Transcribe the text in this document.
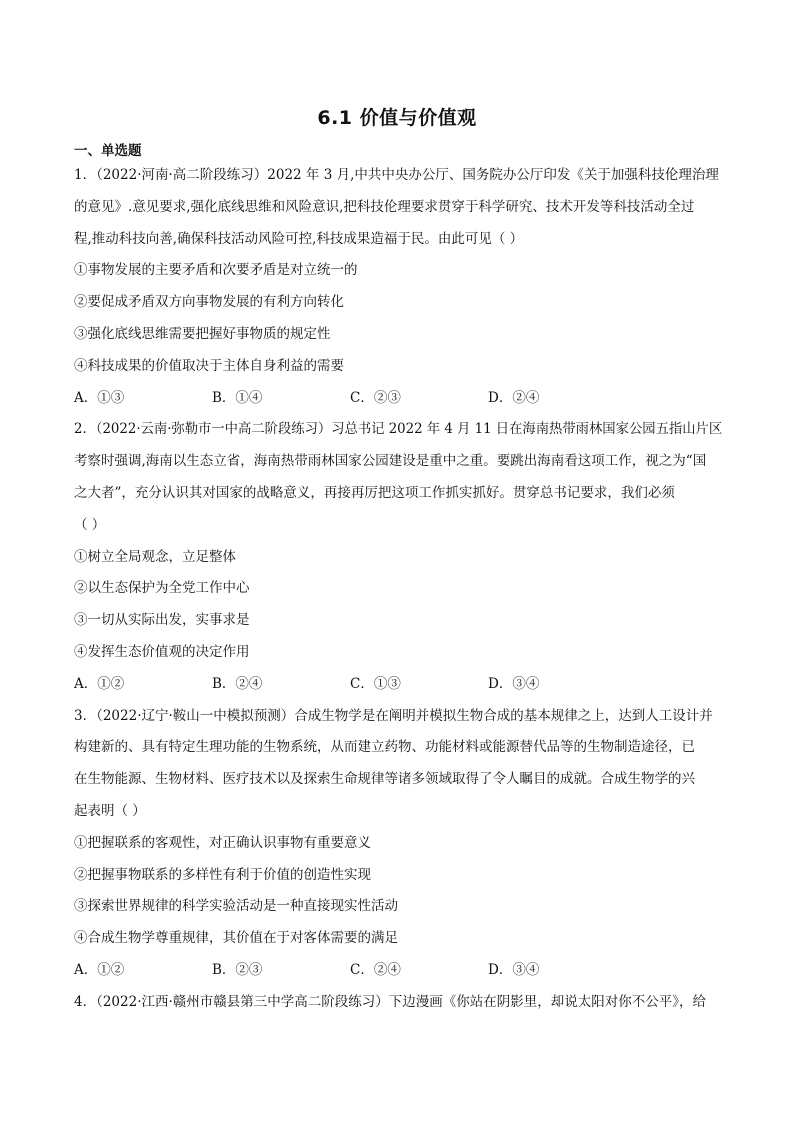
6.1 价值与价值观
一、单选题

1．（2022·河南·高二阶段练习）2022 年 3 月,中共中央办公厅、国务院办公厅印发《关于加强科技伦理治理

的意见》.意见要求,强化底线思维和风险意识,把科技伦理要求贯穿于科学研究、技术开发等科技活动全过

程,推动科技向善,确保科技活动风险可控,科技成果造福于民。由此可见（ ）

①事物发展的主要矛盾和次要矛盾是对立统一的

②要促成矛盾双方向事物发展的有利方向转化

③强化底线思维需要把握好事物质的规定性

④科技成果的价值取决于主体自身利益的需要

A．①③	B．①④	C．②③	D．②④

2．（2022·云南·弥勒市一中高二阶段练习）习总书记 2022 年 4 月 11 日在海南热带雨林国家公园五指山片区

考察时强调,海南以生态立省，海南热带雨林国家公园建设是重中之重。要跳出海南看这项工作，视之为“国

之大者”，充分认识其对国家的战略意义，再接再厉把这项工作抓实抓好。贯穿总书记要求，我们必须

（ ）

①树立全局观念，立足整体

②以生态保护为全党工作中心

③一切从实际出发，实事求是

④发挥生态价值观的决定作用

A．①②	B．②④	C．①③	D．③④

3．（2022·辽宁·鞍山一中模拟预测）合成生物学是在阐明并模拟生物合成的基本规律之上，达到人工设计并

构建新的、具有特定生理功能的生物系统，从而建立药物、功能材料或能源替代品等的生物制造途径，已

在生物能源、生物材料、医疗技术以及探索生命规律等诸多领域取得了令人瞩目的成就。合成生物学的兴

起表明（ ）

①把握联系的客观性，对正确认识事物有重要意义

②把握事物联系的多样性有利于价值的创造性实现

③探索世界规律的科学实验活动是一种直接现实性活动

④合成生物学尊重规律，其价值在于对客体需要的满足

A．①②	B．②③	C．②④	D．③④

4．（2022·江西·赣州市赣县第三中学高二阶段练习）下边漫画《你站在阴影里，却说太阳对你不公平》，给
